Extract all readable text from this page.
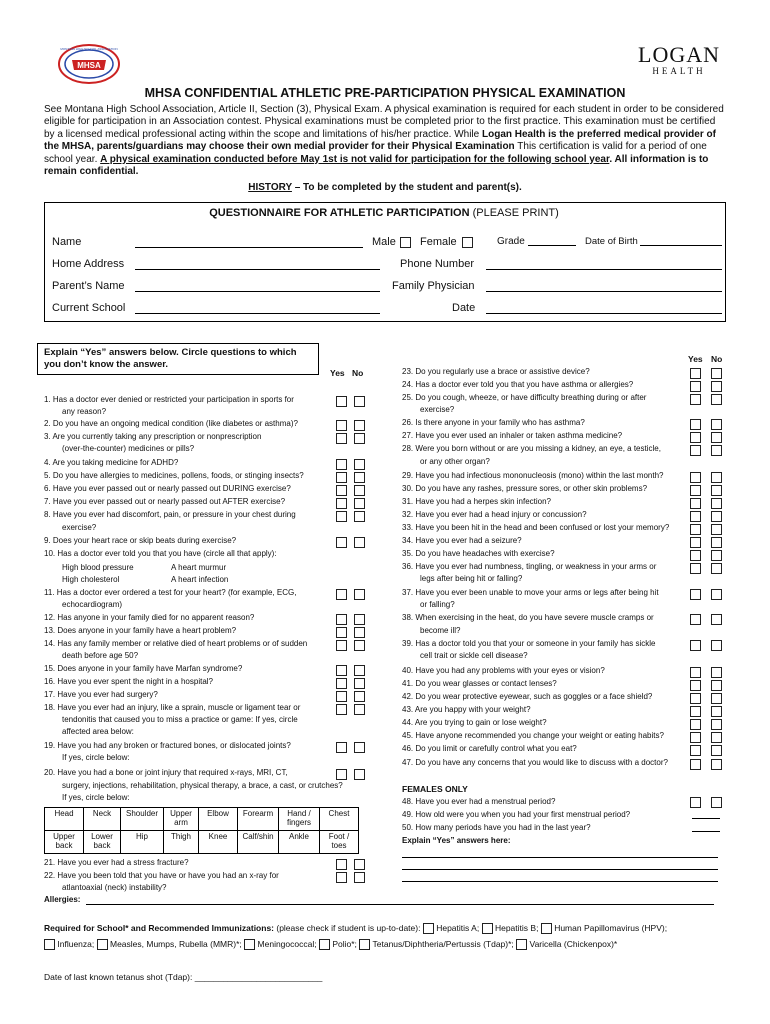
MHSA
MONTANA HIGH SCHOOL ASSOCIATION	LOGAN
HEALTH
MHSA CONFIDENTIAL ATHLETIC PRE-PARTICIPATION PHYSICAL EXAMINATION
See Montana High School Association, Article II, Section (3), Physical Exam. A physical examination is required for each student in order to be considered eligible for participation in an Association contest. Physical examinations must be completed prior to the first practice. This examination must be certified by a licensed medical professional acting within the scope and limitations of his/her practice. While Logan Health is the preferred medical provider of the MHSA, parents/guardians may choose their own medial provider for their Physical Examination This certification is valid for a period of one school year. A physical examination conducted before May 1st is not valid for participation for the following school year. All information is to remain confidential.
HISTORY – To be completed by the student and parent(s).
QUESTIONNAIRE FOR ATHLETIC PARTICIPATION (PLEASE PRINT)
Name	Male Female	Grade	Date of Birth
Home Address	Phone Number
Parent’s Name	Family Physician
Current School	Date
Explain “Yes” answers below. Circle questions to which you don’t know the answer.
Yes No
Yes No
1. Has a doctor ever denied or restricted your participation in sports for
any reason?
2. Do you have an ongoing medical condition (like diabetes or asthma)?
3. Are you currently taking any prescription or nonprescription
(over-the-counter) medicines or pills?
4. Are you taking medicine for ADHD?
5. Do you have allergies to medicines, pollens, foods, or stinging insects?
6. Have you ever passed out or nearly passed out DURING exercise?
7. Have you ever passed out or nearly passed out AFTER exercise?
8. Have you ever had discomfort, pain, or pressure in your chest during
exercise?
9. Does your heart race or skip beats during exercise?
10. Has a doctor ever told you that you have (circle all that apply):
11. Has a doctor ever ordered a test for your heart? (for example, ECG,
echocardiogram)
12. Has anyone in your family died for no apparent reason?
13. Does anyone in your family have a heart problem?
14. Has any family member or relative died of heart problems or of sudden
death before age 50?
15. Does anyone in your family have Marfan syndrome?
16. Have you ever spent the night in a hospital?
17. Have you ever had surgery?
18. Have you ever had an injury, like a sprain, muscle or ligament tear or
tendonitis that caused you to miss a practice or game: If yes, circle
affected area below:
19. Have you had any broken or fractured bones, or dislocated joints?
If yes, circle below:
20. Have you had a bone or joint injury that required x-rays, MRI, CT,
surgery, injections, rehabilitation, physical therapy, a brace, a cast, or crutches?
If yes, circle below:
23. Do you regularly use a brace or assistive device?
24. Has a doctor ever told you that you have asthma or allergies?
25. Do you cough, wheeze, or have difficulty breathing during or after
exercise?
26. Is there anyone in your family who has asthma?
27. Have you ever used an inhaler or taken asthma medicine?
28. Were you born without or are you missing a kidney, an eye, a testicle,
or any other organ?
29. Have you had infectious mononucleosis (mono) within the last month?
30. Do you have any rashes, pressure sores, or other skin problems?
31. Have you had a herpes skin infection?
32. Have you ever had a head injury or concussion?
33. Have you been hit in the head and been confused or lost your memory?
34. Have you ever had a seizure?
35. Do you have headaches with exercise?
36. Have you ever had numbness, tingling, or weakness in your arms or
legs after being hit or falling?
37. Have you ever been unable to move your arms or legs after being hit
or falling?
38. When exercising in the heat, do you have severe muscle cramps or
become ill?
39. Has a doctor told you that your or someone in your family has sickle
cell trait or sickle cell disease?
40. Have you had any problems with your eyes or vision?
41. Do you wear glasses or contact lenses?
42. Do you wear protective eyewear, such as goggles or a face shield?
43. Are you happy with your weight?
44. Are you trying to gain or lose weight?
45. Have anyone recommended you change your weight or eating habits?
46. Do you limit or carefully control what you eat?
47. Do you have any concerns that you would like to discuss with a doctor?
High blood pressure	A heart murmur
High cholesterol	A heart infection
Head	Neck	Shoulder	Upper arm	Elbow	Forearm	Hand / fingers	Chest
Upper back	Lower back	Hip	Thigh	Knee	Calf/shin	Ankle	Foot / toes
21. Have you ever had a stress fracture?
22. Have you been told that you have or have you had an x-ray for
atlantoaxial (neck) instability?
Allergies:
FEMALES ONLY
48. Have you ever had a menstrual period?
49. How old were you when you had your first menstrual period?
50. How many periods have you had in the last year?
Explain “Yes” answers here:
Required for School* and Recommended Immunizations: (please check if student is up-to-date): Hepatitis A; Hepatitis B; Human Papillomavirus (HPV);
Influenza; Measles, Mumps, Rubella (MMR)*; Meningococcal; Polio*; Tetanus/Diphtheria/Pertussis (Tdap)*; Varicella (Chickenpox)*
Date of last known tetanus shot (Tdap): ___________________________
